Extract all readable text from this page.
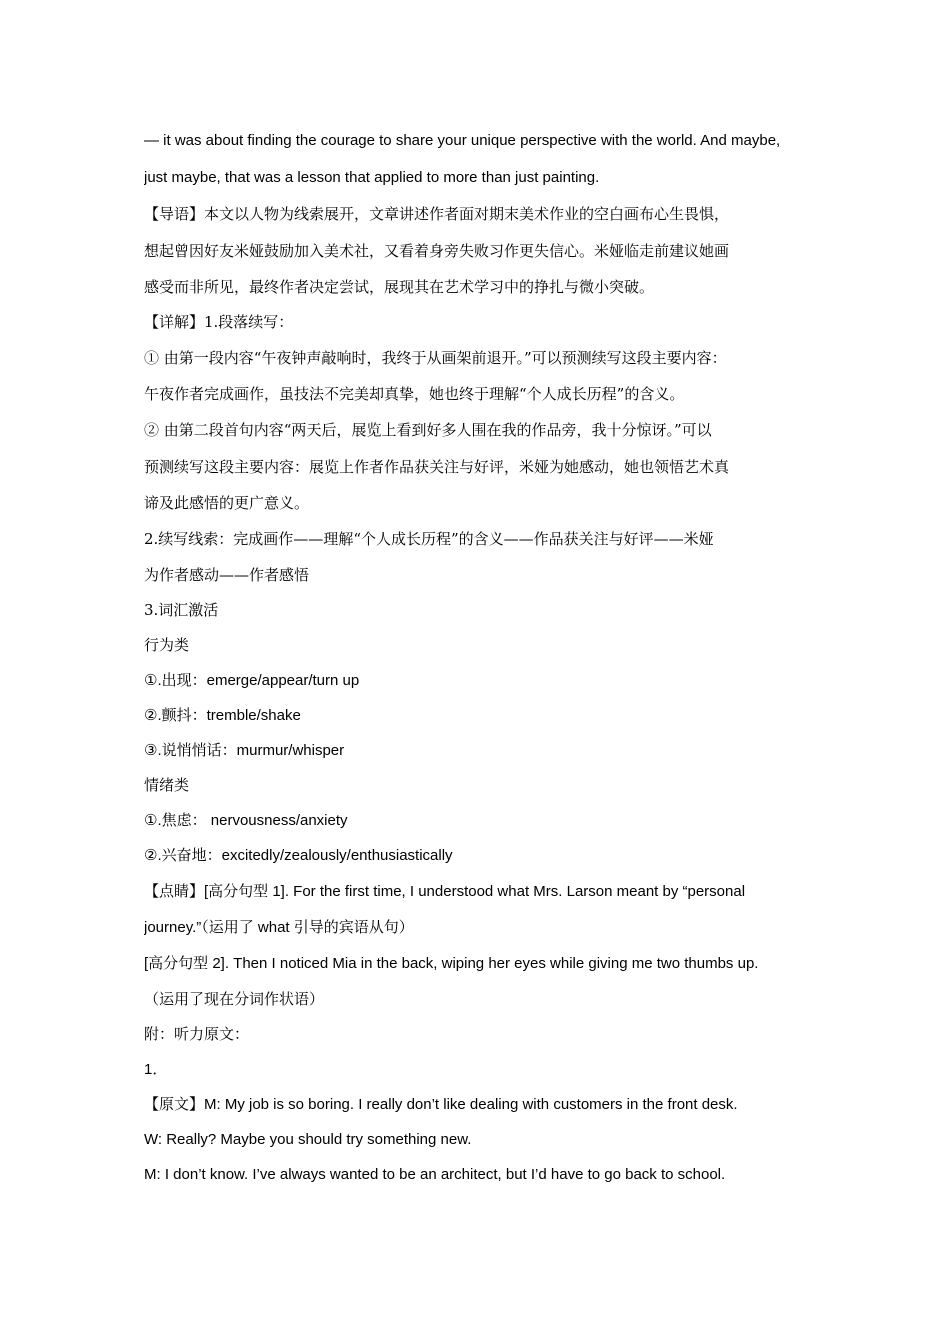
— it was about finding the courage to share your unique perspective with the world. And maybe,

just maybe, that was a lesson that applied to more than just painting.

【导语】本文以人物为线索展开，文章讲述作者面对期末美术作业的空白画布心生畏惧，

想起曾因好友米娅鼓励加入美术社，又看着身旁失败习作更失信心。米娅临走前建议她画

感受而非所见，最终作者决定尝试，展现其在艺术学习中的挣扎与微小突破。

【详解】1.段落续写：

① 由第一段内容“午夜钟声敲响时，我终于从画架前退开。”可以预测续写这段主要内容：

午夜作者完成画作，虽技法不完美却真挚，她也终于理解“个人成长历程”的含义。

② 由第二段首句内容“两天后，展览上看到好多人围在我的作品旁，我十分惊讶。”可以

预测续写这段主要内容：展览上作者作品获关注与好评，米娅为她感动，她也领悟艺术真

谛及此感悟的更广意义。

2.续写线索：完成画作——理解“个人成长历程”的含义——作品获关注与好评——米娅

为作者感动——作者感悟

3.词汇激活

行为类

①.出现：emerge/appear/turn up

②.颤抖：tremble/shake

③.说悄悄话：murmur/whisper

情绪类

①.焦虑： nervousness/anxiety

②.兴奋地：excitedly/zealously/enthusiastically

【点睛】[高分句型 1]. For the first time, I understood what Mrs. Larson meant by “personal

journey.”（运用了 what 引导的宾语从句）

[高分句型 2]. Then I noticed Mia in the back, wiping her eyes while giving me two thumbs up.

（运用了现在分词作状语）

附：听力原文：

1．

【原文】M: My job is so boring. I really don’t like dealing with customers in the front desk.

W: Really? Maybe you should try something new.

M: I don’t know. I’ve always wanted to be an architect, but I’d have to go back to school.
